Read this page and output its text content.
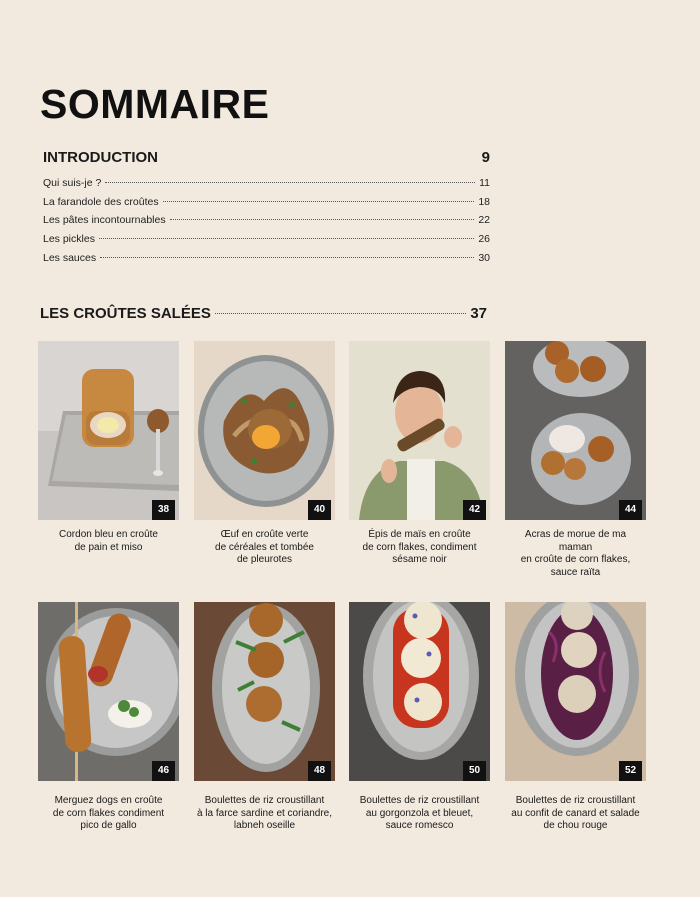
SOMMAIRE
INTRODUCTION	9
Qui suis-je ?	11
La farandole des croûtes	18
Les pâtes incontournables	22
Les pickles	26
Les sauces	30
LES CROÛTES SALÉES	37
38
Cordon bleu en croûte
de pain et miso
40
Œuf en croûte verte
de céréales et tombée
de pleurotes
42
Épis de maïs en croûte
de corn flakes, condiment
sésame noir
44
Acras de morue de ma maman
en croûte de corn flakes,
sauce raïta
46
Merguez dogs en croûte
de corn flakes condiment
pico de gallo
48
Boulettes de riz croustillant
à la farce sardine et coriandre,
labneh oseille
50
Boulettes de riz croustillant
au gorgonzola et bleuet,
sauce romesco
52
Boulettes de riz croustillant
au confit de canard et salade
de chou rouge
